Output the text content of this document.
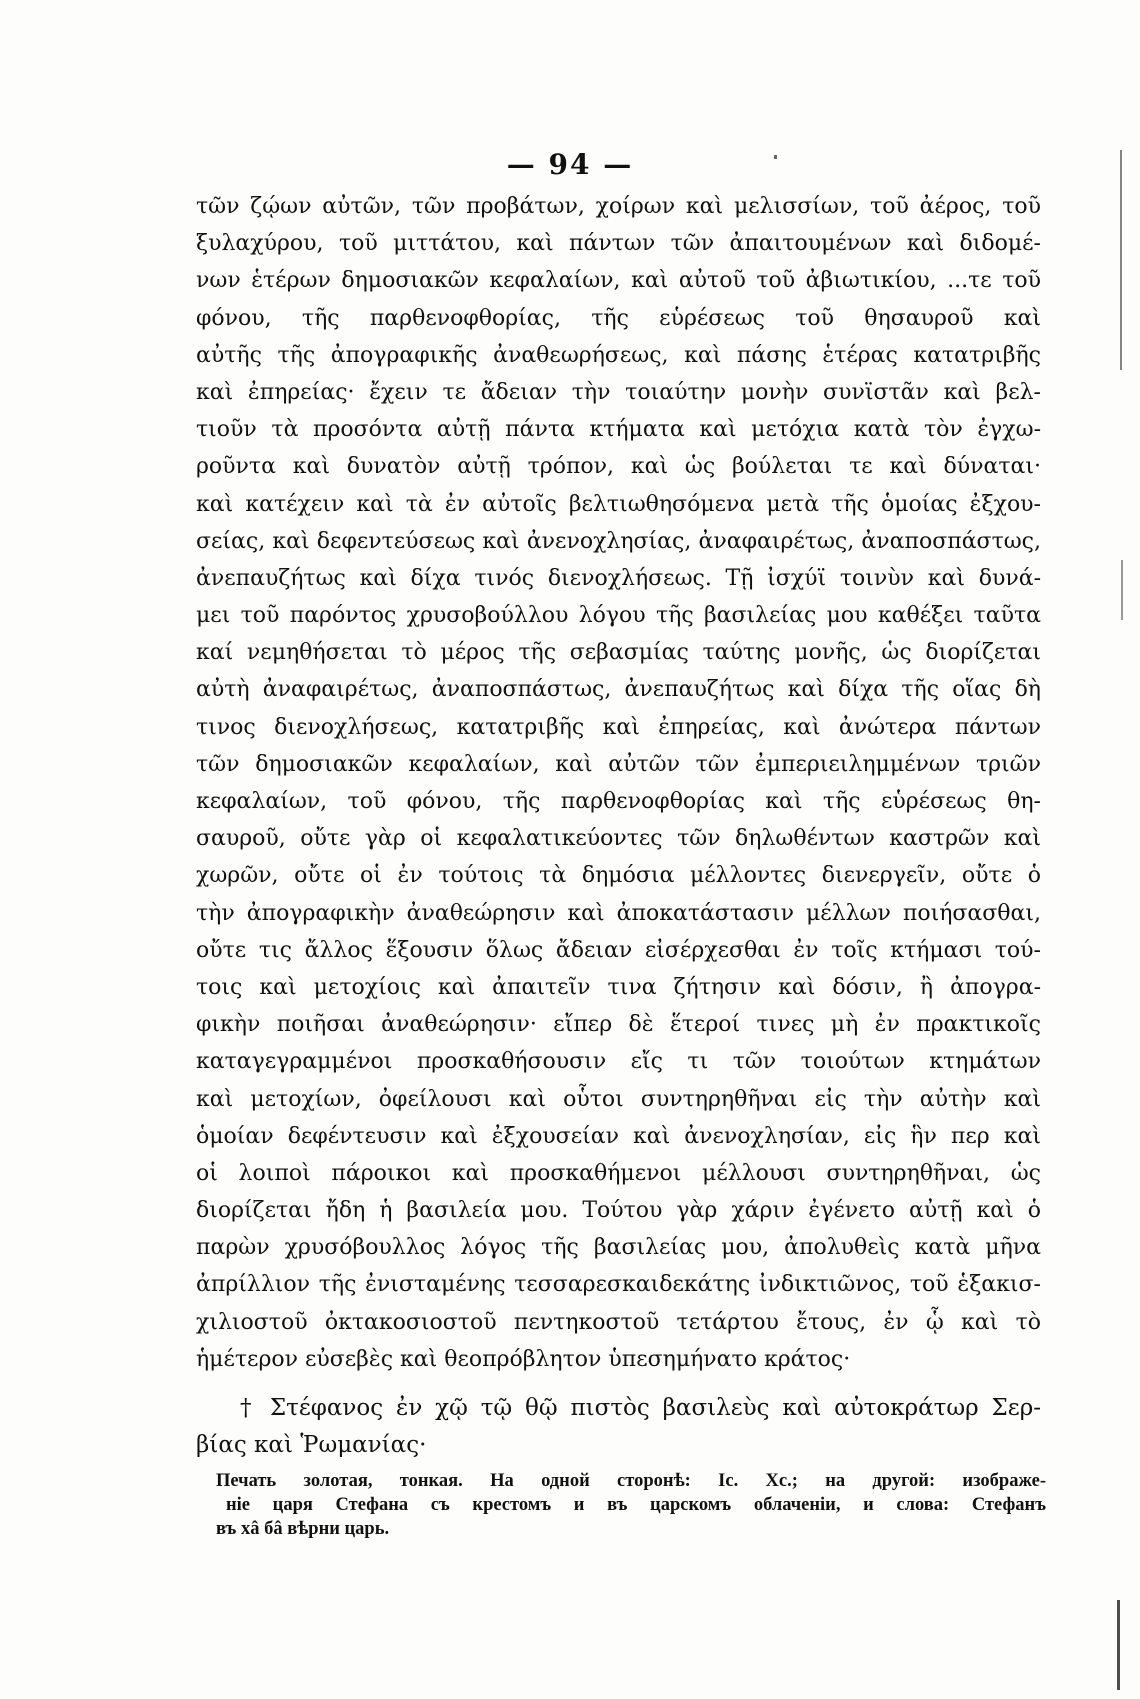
— 94 —
τῶν ζῴων αὐτῶν, τῶν προβάτων, χοίρων καὶ μελισσίων, τοῦ ἀέρος, τοῦ
ξυλαχύρου, τοῦ μιττάτου, καὶ πάντων τῶν ἀπαιτουμένων καὶ διδομέ-
νων ἑτέρων δημοσιακῶν κεφαλαίων, καὶ αὐτοῦ τοῦ ἀβιωτικίου, ...τε τοῦ
φόνου, τῆς παρθενοφθορίας, τῆς εὑρέσεως τοῦ θησαυροῦ καὶ
αὐτῆς τῆς ἀπογραφικῆς ἀναθεωρήσεως, καὶ πάσης ἑτέρας κατατριβῆς
καὶ ἐπηρείας· ἔχειν τε ἄδειαν τὴν τοιαύτην μονὴν συνϊστᾶν καὶ βελ-
τιοῦν τὰ προσόντα αὐτῇ πάντα κτήματα καὶ μετόχια κατὰ τὸν ἐγχω-
ροῦντα καὶ δυνατὸν αὐτῇ τρόπον, καὶ ὡς βούλεται τε καὶ δύναται·
καὶ κατέχειν καὶ τὰ ἐν αὐτοῖς βελτιωθησόμενα μετὰ τῆς ὁμοίας ἐξχου-
σείας, καὶ δεφεντεύσεως καὶ ἀνενοχλησίας, ἀναφαιρέτως, ἀναποσπάστως,
ἀνεπαυζήτως καὶ δίχα τινός διενοχλήσεως. Τῇ ἰσχύϊ τοινὺν καὶ δυνά-
μει τοῦ παρόντος χρυσοβούλλου λόγου τῆς βασιλείας μου καθέξει ταῦτα
καί νεμηθήσεται τὸ μέρος τῆς σεβασμίας ταύτης μονῆς, ὡς διορίζεται
αὐτὴ ἀναφαιρέτως, ἀναποσπάστως, ἀνεπαυζήτως καὶ δίχα τῆς οἵας δὴ
τινος διενοχλήσεως, κατατριβῆς καὶ ἐπηρείας, καὶ ἀνώτερα πάντων
τῶν δημοσιακῶν κεφαλαίων, καὶ αὐτῶν τῶν ἐμπεριειλημμένων τριῶν
κεφαλαίων, τοῦ φόνου, τῆς παρθενοφθορίας καὶ τῆς εὑρέσεως θη-
σαυροῦ, οὔτε γὰρ οἱ κεφαλατικεύοντες τῶν δηλωθέντων καστρῶν καὶ
χωρῶν, οὔτε οἱ ἐν τούτοις τὰ δημόσια μέλλοντες διενεργεῖν, οὔτε ὁ
τὴν ἀπογραφικὴν ἀναθεώρησιν καὶ ἀποκατάστασιν μέλλων ποιήσασθαι,
οὔτε τις ἄλλος ἕξουσιν ὅλως ἄδειαν εἰσέρχεσθαι ἐν τοῖς κτήμασι τού-
τοις καὶ μετοχίοις καὶ ἀπαιτεῖν τινα ζήτησιν καὶ δόσιν, ἢ ἀπογρα-
φικὴν ποιῆσαι ἀναθεώρησιν· εἴπερ δὲ ἕτεροί τινες μὴ ἐν πρακτικοῖς
καταγεγραμμένοι προσκαθήσουσιν εἴς τι τῶν τοιούτων κτημάτων
καὶ μετοχίων, ὀφείλουσι καὶ οὗτοι συντηρηθῆναι εἰς τὴν αὐτὴν καὶ
ὁμοίαν δεφέντευσιν καὶ ἐξχουσείαν καὶ ἀνενοχλησίαν, εἰς ἣν περ καὶ
οἱ λοιποὶ πάροικοι καὶ προσκαθήμενοι μέλλουσι συντηρηθῆναι, ὡς
διορίζεται ἤδη ἡ βασιλεία μου. Τούτου γὰρ χάριν ἐγένετο αὐτῇ καὶ ὁ
παρὼν χρυσόβουλλος λόγος τῆς βασιλείας μου, ἀπολυθεὶς κατὰ μῆνα
ἀπρίλλιον τῆς ἐνισταμένης τεσσαρεσκαιδεκάτης ἰνδικτιῶνος, τοῦ ἑξακισ-
χιλιοστοῦ ὀκτακοσιοστοῦ πεντηκοστοῦ τετάρτου ἔτους, ἐν ᾧ καὶ τὸ
ἡμέτερον εὐσεβὲς καὶ θεοπρόβλητον ὑπεσημήνατο κράτος·
† Στέφανος ἐν χῷ τῷ θῷ πιστὸς βασιλεὺς καὶ αὐτοκράτωρ Σερ-
βίας καὶ Ῥωμανίας·
Печать золотая, тонкая. На одной сторонѣ: Іс. Хс.; на другой: изображе-
ніе царя Стефана съ крестомъ и въ царскомъ облаченіи, и слова: Стефанъ
въ хâ бâ вѣрни царь.
